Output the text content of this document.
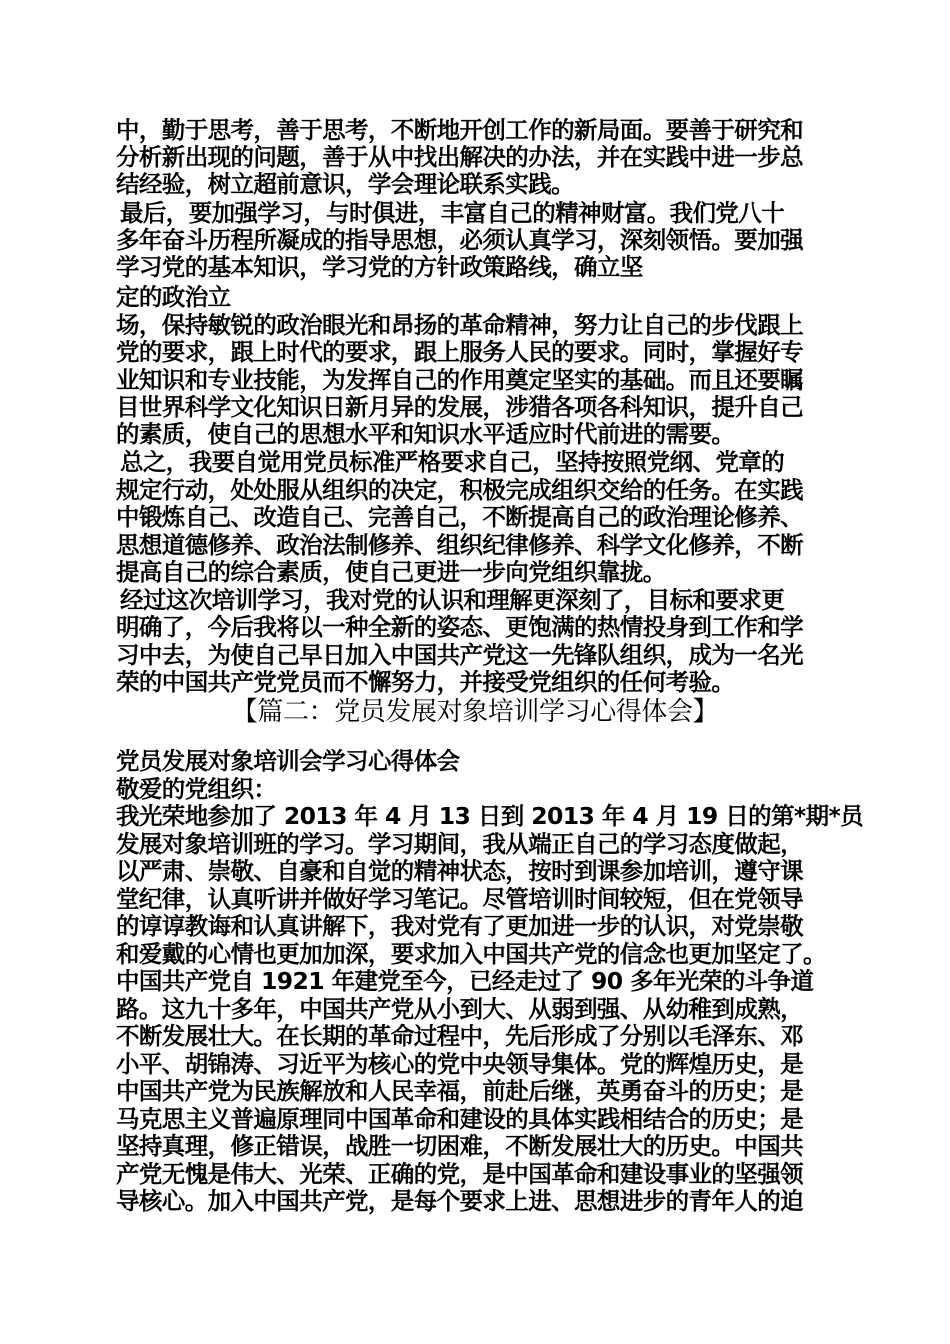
中，勤于思考，善于思考，不断地开创工作的新局面。要善于研究和
分析新出现的问题，善于从中找出解决的办法，并在实践中进一步总
结经验，树立超前意识，学会理论联系实践。
最后，要加强学习，与时俱进，丰富自己的精神财富。我们党八十
多年奋斗历程所凝成的指导思想，必须认真学习，深刻领悟。要加强
学习党的基本知识，学习党的方针政策路线，确立坚
定的政治立
场，保持敏锐的政治眼光和昂扬的革命精神，努力让自己的步伐跟上
党的要求，跟上时代的要求，跟上服务人民的要求。同时，掌握好专
业知识和专业技能，为发挥自己的作用奠定坚实的基础。而且还要瞩
目世界科学文化知识日新月异的发展，涉猎各项各科知识，提升自己
的素质，使自己的思想水平和知识水平适应时代前进的需要。
总之，我要自觉用党员标准严格要求自己，坚持按照党纲、党章的
规定行动，处处服从组织的决定，积极完成组织交给的任务。在实践
中锻炼自己、改造自己、完善自己，不断提高自己的政治理论修养、
思想道德修养、政治法制修养、组织纪律修养、科学文化修养，不断
提高自己的综合素质，使自己更进一步向党组织靠拢。
经过这次培训学习，我对党的认识和理解更深刻了，目标和要求更
明确了，今后我将以一种全新的姿态、更饱满的热情投身到工作和学
习中去，为使自己早日加入中国共产党这一先锋队组织，成为一名光
荣的中国共产党党员而不懈努力，并接受党组织的任何考验。
【篇二：党员发展对象培训学习心得体会】
党员发展对象培训会学习心得体会
敬爱的党组织：
我光荣地参加了 2013 年 4 月 13 日到 2013 年 4 月 19 日的第*期*员
发展对象培训班的学习。学习期间，我从端正自己的学习态度做起，
以严肃、崇敬、自豪和自觉的精神状态，按时到课参加培训，遵守课
堂纪律，认真听讲并做好学习笔记。尽管培训时间较短，但在党领导
的谆谆教诲和认真讲解下，我对党有了更加进一步的认识，对党崇敬
和爱戴的心情也更加加深，要求加入中国共产党的信念也更加坚定了。
中国共产党自 1921 年建党至今，已经走过了 90 多年光荣的斗争道
路。这九十多年，中国共产党从小到大、从弱到强、从幼稚到成熟，
不断发展壮大。在长期的革命过程中，先后形成了分别以毛泽东、邓
小平、胡锦涛、习近平为核心的党中央领导集体。党的辉煌历史，是
中国共产党为民族解放和人民幸福，前赴后继，英勇奋斗的历史；是
马克思主义普遍原理同中国革命和建设的具体实践相结合的历史；是
坚持真理，修正错误，战胜一切困难，不断发展壮大的历史。中国共
产党无愧是伟大、光荣、正确的党，是中国革命和建设事业的坚强领
导核心。加入中国共产党，是每个要求上进、思想进步的青年人的迫
